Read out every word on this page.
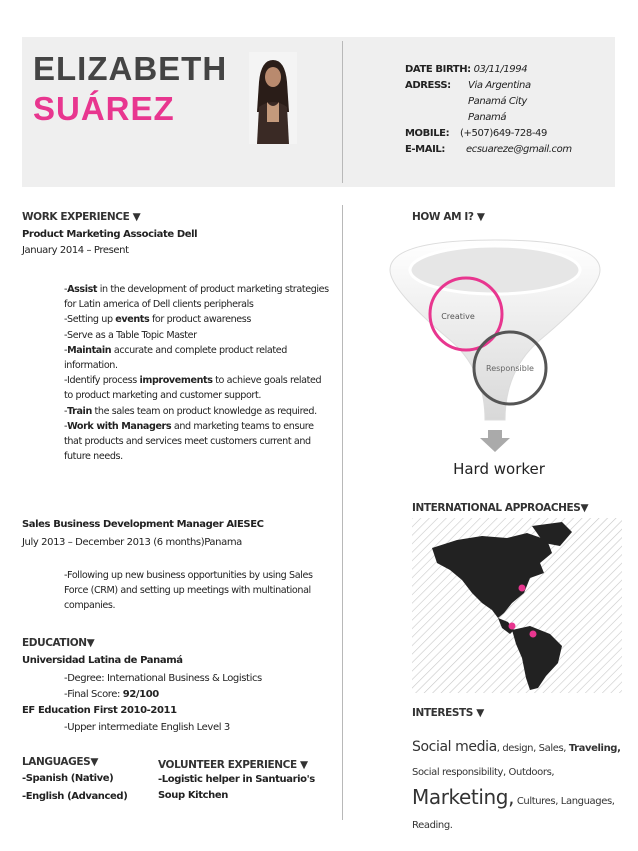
ELIZABETH
SUÁREZ
DATE BIRTH: 03/11/1994
ADRESS: Via Argentina
Panamá City
Panamá
MOBILE: (+507)649-728-49
E-MAIL: ecsuareze@gmail.com
WORK EXPERIENCE ▼
Product Marketing Associate Dell
January 2014 – Present
-Assist in the development of product marketing strategies for Latin america of Dell clients peripherals
-Setting up events for product awareness
-Serve as a Table Topic Master
-Maintain accurate and complete product related information.
-Identify process improvements to achieve goals related to product marketing and customer support.
-Train the sales team on product knowledge as required.
-Work with Managers and marketing teams to ensure that products and services meet customers current and future needs.
Sales Business Development Manager AIESEC
July 2013 – December 2013 (6 months)Panama
-Following up new business opportunities by using Sales Force (CRM) and setting up meetings with multinational companies.
EDUCATION▼
Universidad Latina de Panamá
-Degree: International Business & Logistics
-Final Score: 92/100
EF Education First 2010-2011
-Upper intermediate English Level 3
LANGUAGES▼
-Spanish (Native)
-English (Advanced)
VOLUNTEER EXPERIENCE ▼
-Logistic helper in Santuario's
Soup Kitchen
HOW AM I? ▼
Creative
Responsible
Hard worker
INTERNATIONAL APPROACHES▼
INTERESTS ▼
Social media, design, Sales, Traveling, Social responsibility, Outdoors, Marketing, Cultures, Languages, Reading.
